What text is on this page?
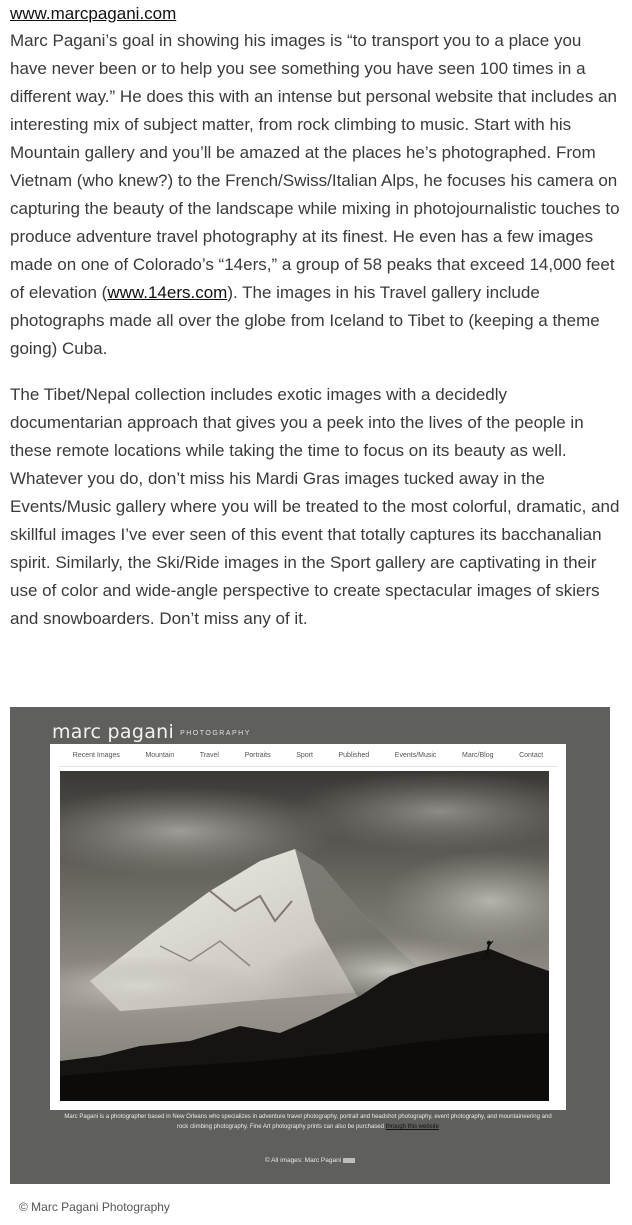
www.marcpagani.com

Marc Pagani’s goal in showing his images is “to transport you to a place you have never been or to help you see something you have seen 100 times in a different way.” He does this with an intense but personal website that includes an interesting mix of subject matter, from rock climbing to music. Start with his Mountain gallery and you’ll be amazed at the places he’s photographed. From Vietnam (who knew?) to the French/Swiss/Italian Alps, he focuses his camera on capturing the beauty of the landscape while mixing in photojournalistic touches to produce adventure travel photography at its finest. He even has a few images made on one of Colorado’s “14ers,” a group of 58 peaks that exceed 14,000 feet of elevation (www.14ers.com). The images in his Travel gallery include photographs made all over the globe from Iceland to Tibet to (keeping a theme going) Cuba.

The Tibet/Nepal collection includes exotic images with a decidedly documentarian approach that gives you a peek into the lives of the people in these remote locations while taking the time to focus on its beauty as well. Whatever you do, don’t miss his Mardi Gras images tucked away in the Events/Music gallery where you will be treated to the most colorful, dramatic, and skillful images I’ve ever seen of this event that totally captures its bacchanalian spirit. Similarly, the Ski/Ride images in the Sport gallery are captivating in their use of color and wide-angle perspective to create spectacular images of skiers and snowboarders. Don’t miss any of it.

marc pagani $^{PHOTOGRAPHY}$
Recent Images	Mountain	Travel	Portraits	Sport	Published	Events/Music	Marc/Blog	Contact
Marc Pagani is a photographer based in New Orleans who specializes in adventure travel photography, portrait and headshot photography, event photography, and mountaineering and rock climbing photography. Fine Art photography prints can also be purchased through this website
© All images: Marc Pagani
© Marc Pagani Photography
